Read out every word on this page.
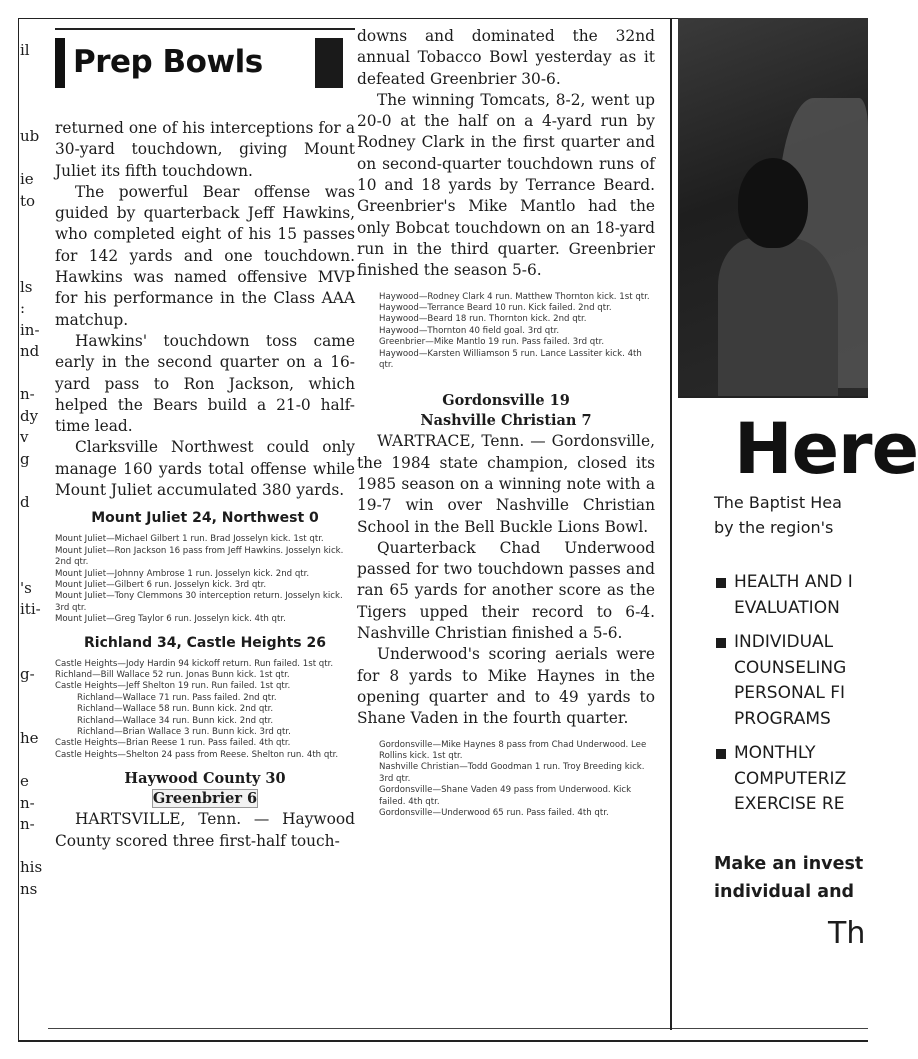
il
ub
ie
to
ls
:
in-
nd
n-
dy
v
g
d
's
iti-
g-
he
e
n-
n-
his
ns
Prep Bowls

returned one of his interceptions for a 30-yard touchdown, giving Mount Juliet its fifth touchdown.

The powerful Bear offense was guided by quarterback Jeff Hawkins, who completed eight of his 15 passes for 142 yards and one touchdown. Hawkins was named offensive MVP for his performance in the Class AAA matchup.

Hawkins' touchdown toss came early in the second quarter on a 16-yard pass to Ron Jackson, which helped the Bears build a 21-0 half-time lead.

Clarksville Northwest could only manage 160 yards total offense while Mount Juliet accumulated 380 yards.

Mount Juliet 24, Northwest 0
Mount Juliet—Michael Gilbert 1 run. Brad Josselyn kick. 1st qtr.
Mount Juliet—Ron Jackson 16 pass from Jeff Hawkins. Josselyn kick. 2nd qtr.
Mount Juliet—Johnny Ambrose 1 run. Josselyn kick. 2nd qtr.
Mount Juliet—Gilbert 6 run. Josselyn kick. 3rd qtr.
Mount Juliet—Tony Clemmons 30 interception return. Josselyn kick. 3rd qtr.
Mount Juliet—Greg Taylor 6 run. Josselyn kick. 4th qtr.
Richland 34, Castle Heights 26
Castle Heights—Jody Hardin 94 kickoff return. Run failed. 1st qtr.
Richland—Bill Wallace 52 run. Jonas Bunn kick. 1st qtr.
Castle Heights—Jeff Shelton 19 run. Run failed. 1st qtr.
Richland—Wallace 71 run. Pass failed. 2nd qtr.
Richland—Wallace 58 run. Bunn kick. 2nd qtr.
Richland—Wallace 34 run. Bunn kick. 2nd qtr.
Richland—Brian Wallace 3 run. Bunn kick. 3rd qtr.
Castle Heights—Brian Reese 1 run. Pass failed. 4th qtr.
Castle Heights—Shelton 24 pass from Reese. Shelton run. 4th qtr.
Haywood County 30
Greenbrier 6

HARTSVILLE, Tenn. — Haywood County scored three first-half touch-

downs and dominated the 32nd annual Tobacco Bowl yesterday as it defeated Greenbrier 30-6.

The winning Tomcats, 8-2, went up 20-0 at the half on a 4-yard run by Rodney Clark in the first quarter and on second-quarter touchdown runs of 10 and 18 yards by Terrance Beard. Greenbrier's Mike Mantlo had the only Bobcat touchdown on an 18-yard run in the third quarter. Greenbrier finished the season 5-6.

Haywood—Rodney Clark 4 run. Matthew Thornton kick. 1st qtr.
Haywood—Terrance Beard 10 run. Kick failed. 2nd qtr.
Haywood—Beard 18 run. Thornton kick. 2nd qtr.
Haywood—Thornton 40 field goal. 3rd qtr.
Greenbrier—Mike Mantlo 19 run. Pass failed. 3rd qtr.
Haywood—Karsten Williamson 5 run. Lance Lassiter kick. 4th qtr.
Gordonsville 19
Nashville Christian 7

WARTRACE, Tenn. — Gordonsville, the 1984 state champion, closed its 1985 season on a winning note with a 19-7 win over Nashville Christian School in the Bell Buckle Lions Bowl.

Quarterback Chad Underwood passed for two touchdown passes and ran 65 yards for another score as the Tigers upped their record to 6-4. Nashville Christian finished a 5-6.

Underwood's scoring aerials were for 8 yards to Mike Haynes in the opening quarter and to 49 yards to Shane Vaden in the fourth quarter.

Gordonsville—Mike Haynes 8 pass from Chad Underwood. Lee Rollins kick. 1st qtr.
Nashville Christian—Todd Goodman 1 run. Troy Breeding kick. 3rd qtr.
Gordonsville—Shane Vaden 49 pass from Underwood. Kick failed. 4th qtr.
Gordonsville—Underwood 65 run. Pass failed. 4th qtr.
Here
The Baptist Hea
by the region's
HEALTH AND I
EVALUATION
INDIVIDUAL
COUNSELING
PERSONAL FI
PROGRAMS
MONTHLY
COMPUTERIZ
EXERCISE RE
Make an invest
individual and
Th
